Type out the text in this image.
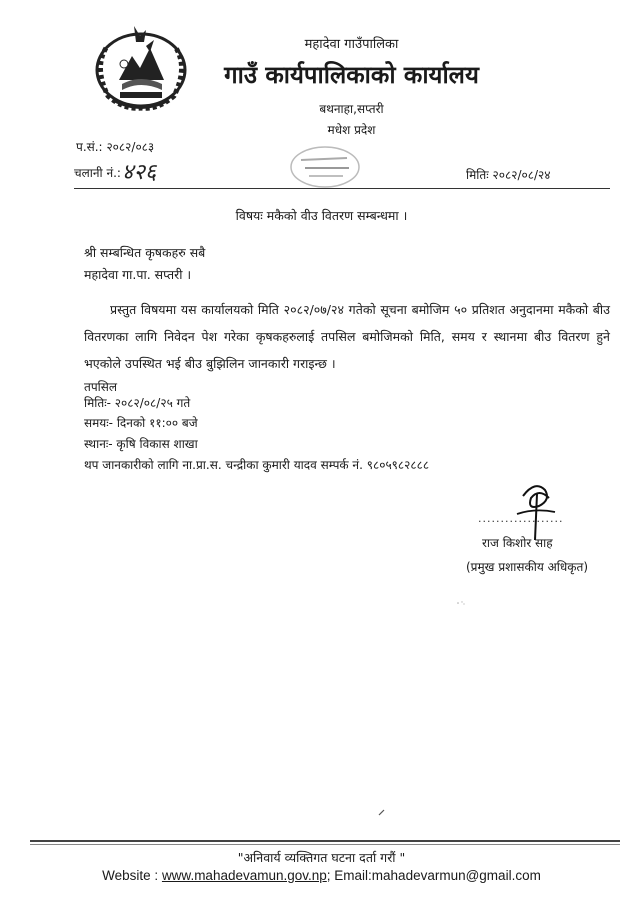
महादेवा गाउँपालिका
गाउँ कार्यपालिकाको कार्यालय
बथनाहा,सप्तरी
मधेश प्रदेश
प.सं.: २०८२/०८३
चलानी नं.: ४२६	मितिः २०८२/०८/२४
विषयः मकैको वीउ वितरण सम्बन्धमा ।
श्री सम्बन्धित कृषकहरु सबै
महादेवा गा.पा. सप्तरी ।
प्रस्तुत विषयमा यस कार्यालयको मिति २०८२/०७/२४ गतेको सूचना बमोजिम ५० प्रतिशत अनुदानमा मकैको बीउ वितरणका लागि निवेदन पेश गरेका कृषकहरुलाई तपसिल बमोजिमको मिति, समय र स्थानमा बीउ वितरण हुने भएकोले उपस्थित भई बीउ बुझिलिन जानकारी गराइन्छ ।
तपसिल
मितिः- २०८२/०८/२५ गते
समयः- दिनको ११:०० बजे
स्थानः- कृषि विकास शाखा
थप जानकारीको लागि ना.प्रा.स. चन्द्रीका कुमारी यादव सम्पर्क नं. ९८०५९८२८८८
...................
राज किशोर साह
(प्रमुख प्रशासकीय अधिकृत)
"अनिवार्य व्यक्तिगत घटना दर्ता गरौं "
Website : www.mahadevamun.gov.np; Email:mahadevarmun@gmail.com
